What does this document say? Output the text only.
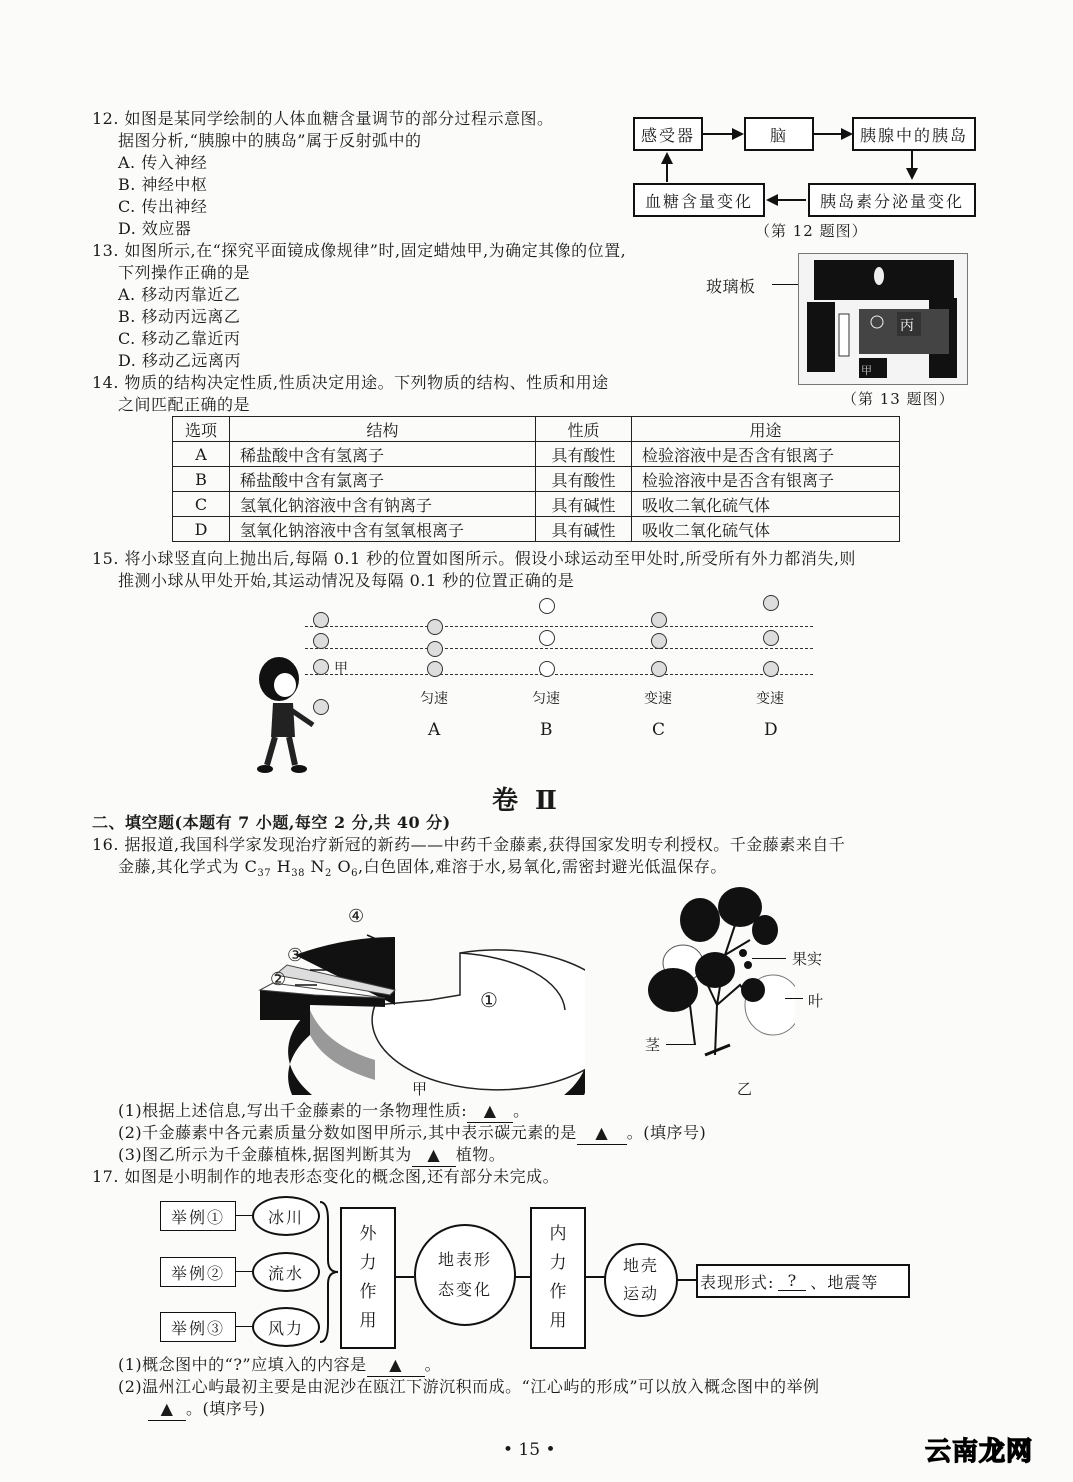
12. 如图是某同学绘制的人体血糖含量调节的部分过程示意图。
据图分析,“胰腺中的胰岛”属于反射弧中的
A. 传入神经
B. 神经中枢
C. 传出神经
D. 效应器
感受器	脑	胰腺中的胰岛
胰岛素分泌量变化
血糖含量变化
（第 12 题图）
13. 如图所示,在“探究平面镜成像规律”时,固定蜡烛甲,为确定其像的位置,
下列操作正确的是
A. 移动丙靠近乙
B. 移动丙远离乙
C. 移动乙靠近丙
D. 移动乙远离丙
玻璃板
丙
甲
（第 13 题图）
14. 物质的结构决定性质,性质决定用途。下列物质的结构、性质和用途
之间匹配正确的是
选项	结构	性质	用途
A	稀盐酸中含有氢离子	具有酸性	检验溶液中是否含有银离子
B	稀盐酸中含有氯离子	具有酸性	检验溶液中是否含有银离子
C	氢氧化钠溶液中含有钠离子	具有碱性	吸收二氧化硫气体
D	氢氧化钠溶液中含有氢氧根离子	具有碱性	吸收二氧化硫气体
15. 将小球竖直向上抛出后,每隔 0.1 秒的位置如图所示。假设小球运动至甲处时,所受所有外力都消失,则
推测小球从甲处开始,其运动情况及每隔 0.1 秒的位置正确的是
甲
匀速	匀速	变速	变速
A	B	C	D
卷 Ⅱ
二、填空题(本题有 7 小题,每空 2 分,共 40 分)
16. 据报道,我国科学家发现治疗新冠的新药——中药千金藤素,获得国家发明专利授权。千金藤素来自千
金藤,其化学式为 $C_{37}$ $H_{38}$ $N_2$ $O_6$,白色固体,难溶于水,易氧化,需密封避光低温保存。
④
③
②
①
甲
果实
叶
茎
乙
(1)根据上述信息,写出千金藤素的一条物理性质: ▲ 。
(2)千金藤素中各元素质量分数如图甲所示,其中表示碳元素的是 ▲ 。(填序号)
(3)图乙所示为千金藤植株,据图判断其为 ▲ 植物。
17. 如图是小明制作的地表形态变化的概念图,还有部分未完成。
举例①
举例②
举例③
冰川
流水
风力
外
力
作
用
地表形
态变化
内
力
作
用
地壳
运动
表现形式: ? 、地震等
(1)概念图中的“?”应填入的内容是 ▲ 。
(2)温州江心屿最初主要是由泥沙在瓯江下游沉积而成。“江心屿的形成”可以放入概念图中的举例
▲ 。(填序号)
• 15 •	云南龙网
